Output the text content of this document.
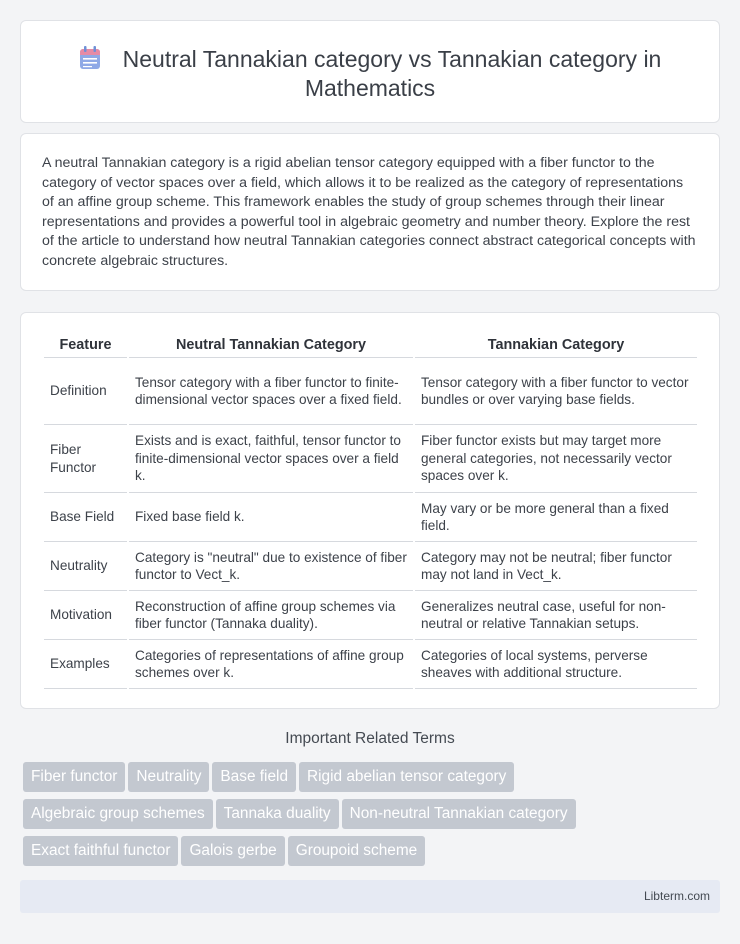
Neutral Tannakian category vs Tannakian category in Mathematics

A neutral Tannakian category is a rigid abelian tensor category equipped with a fiber functor to the category of vector spaces over a field, which allows it to be realized as the category of representations of an affine group scheme. This framework enables the study of group schemes through their linear representations and provides a powerful tool in algebraic geometry and number theory. Explore the rest of the article to understand how neutral Tannakian categories connect abstract categorical concepts with concrete algebraic structures.

Feature	Neutral Tannakian Category	Tannakian Category
Definition	Tensor category with a fiber functor to finite-dimensional vector spaces over a fixed field.	Tensor category with a fiber functor to vector bundles or over varying base fields.
Fiber Functor	Exists and is exact, faithful, tensor functor to finite-dimensional vector spaces over a field k.	Fiber functor exists but may target more general categories, not necessarily vector spaces over k.
Base Field	Fixed base field k.	May vary or be more general than a fixed field.
Neutrality	Category is "neutral" due to existence of fiber functor to Vect_k.	Category may not be neutral; fiber functor may not land in Vect_k.
Motivation	Reconstruction of affine group schemes via fiber functor (Tannaka duality).	Generalizes neutral case, useful for non-neutral or relative Tannakian setups.
Examples	Categories of representations of affine group schemes over k.	Categories of local systems, perverse sheaves with additional structure.
Important Related Terms
Fiber functor Neutrality Base field Rigid abelian tensor category
Algebraic group schemes Tannaka duality Non-neutral Tannakian category
Exact faithful functor Galois gerbe Groupoid scheme
Libterm.com
